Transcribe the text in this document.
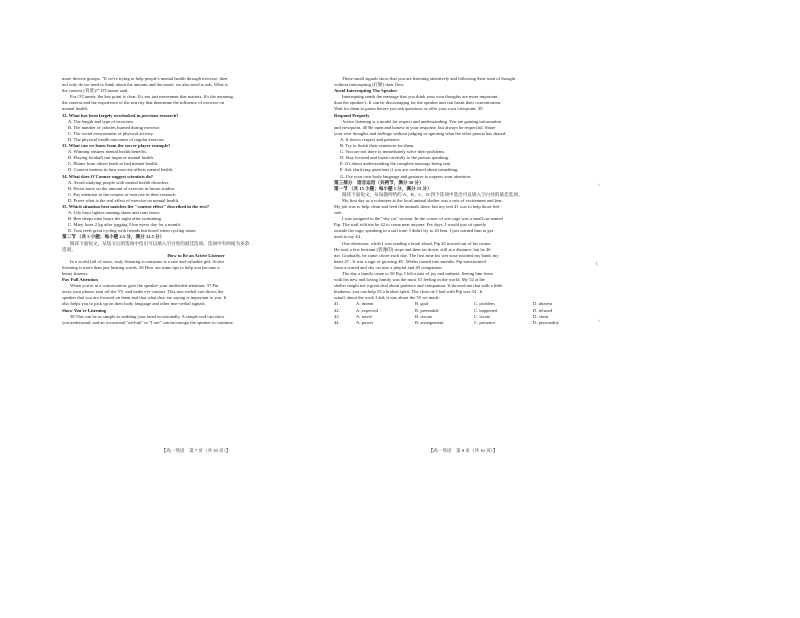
more diverse groups. "If we're trying to help people's mental health through exercise, then

not only do we need to think about the amount and the mode, we also need to ask. What is

the context (背景)?" O'Connor said.

For O'Connor, the key point is clear. It's not just movement that matters. It's the meaning,

the context and the experience of the activity that determine the influence of exercise on

mental health.

32. What has been largely overlooked in previous research?

A. The length and type of exercises.

B. The number of calories burned during exercise.

C. The social environment of physical activity.

D. The physical health outcomes of regular exercise.

33. What can we learn from the soccer player example?

A. Winning ensures mental health benefits.

B. Playing football can improve mental health.

C. Blame from others leads to bad mental health.

D. Context matters in how exercise affects mental health.

34. What does O'Connor suggest scientists do?

A. Avoid studying people with mental health disorders.

B. Focus more on the amount of exercise in future studies.

C. Pay attention to the context of exercise in their research.

D. Prove what is the real effect of exercise on mental health.

35. Which situation best matches the "context effect" described in the text?

A. Lily buys lighter running shoes and runs faster.

B. Ben sleeps nine hours the night after swimming.

C. Mary loses 2 kg after jogging 5 km every day for a month.

D. Tom feels great cycling with friends but bored when cycling alone.

第二节 （共 5 小题；每小题 2.5 分，满分 12.5 分）

阅读下面短文，从短文后的选项中选出可以填入空白处的最佳选项。选项中有两项为多余

选项。

How to Be an Active Listener

In a world full of noise, truly listening to someone is a rare and valuable gift. Active

listening is more than just hearing words. 36 How are some tips to help you become a

better listener.

Pay Full Attention

When you're in a conversation, give the speaker your undivided attention. 37 Put

away your phone, turn off the TV, and make eye contact. This non-verbal cue shows the

speaker that you are focused on them and that what they are saying is important to you. It

also helps you to pick up on their body language and other non-verbal signals.

Show You're Listening

38 This can be as simple as nodding your head occasionally. A simple nod can show

you understand, and an occasional "uh-huh" or "I see" can encourage the speaker to continue.

These small signals show that you are listening attentively and following their train of thought

without interrupting (打断) their flow.

Avoid Interrupting The Speaker

Interrupting sends the message that you think your own thoughts are more important

than the speaker's. It can be discouraging for the speaker and can break their concentration.

Wait for them to pause before you ask questions or offer your own viewpoint. 39

Respond Properly

Active listening is a model for respect and understanding. You are gaining information

and viewpoint. 40 Be open and honest in your response, but always be respectful. Share

your own thoughts and feelings without judging or ignoring what the other person has shared.

A. It shows respect and patience.

B. Try to finish their sentences for them.

C. You are not there to immediately solve their problems.

D. Stay focused and listen carefully to the person speaking.

E. It's about understanding the complete message being sent.

F. Ask clarifying questions if you are confused about something.

G. Use your own body language and gestures to express your attention.

第三部分　语言运用（共两节，满分 30 分）

第一节 （共 15 小题；每小题 1 分，满分 15 分）

阅读下面短文，从每题所给的 A、B、C、D 四个选项中选出可以填入空白处的最佳选项。

My first day as a volunteer at the local animal shelter was a mix of excitement and fear.

My job was to help clean and feed the animals there, but my real 41 was to help those feel

safe.

I was assigned to the "shy cat" section. In the corner of one cage was a small cat named

Pip. The staff told me he 42 to come near anyone. For days, I would just sit quietly

outside his cage, speaking in a soft tone. I didn't try to 43 him. I just wanted him to get

used to my 44 .

One afternoon, while I was reading a book aloud, Pip 45 moved out of his corner.

He took a few hesitant (犹豫的) steps and then sat down, still at a distance, but he 46

me. Gradually, he came closer each day. The first time his wet nose touched my hand, my

heart 47 . It was a sign of growing 48 . Weeks turned into months. Pip transformed

from a scared and shy cat into a playful and 49 companion.

The day a family came to 50 Pip, I felt a mix of joy and sadness. Seeing him leave

with his new and loving family was the most 51 feeling in the world. My 52 at the

shelter taught me a great deal about patience and companion. It showed me that with a little

kindness, you can help 53 a broken spirit. The close tie I had with Pip was 54 . It

wasn't about the work I did; it was about the 55 we made.

41.	A. dream	B. goal	C. problem	D. interest
42.	A. expected	B. pretended	C. happened	D. refused
43.	A. touch	B. rescue	C. locate	D. cheat
44.	A. power	B. arrangement	C. presence	D. personality
【高一英语　第 7 页（共 10 页）】	【高一英语　第 8 页（共 10 页）】
‹
ǂ
›
